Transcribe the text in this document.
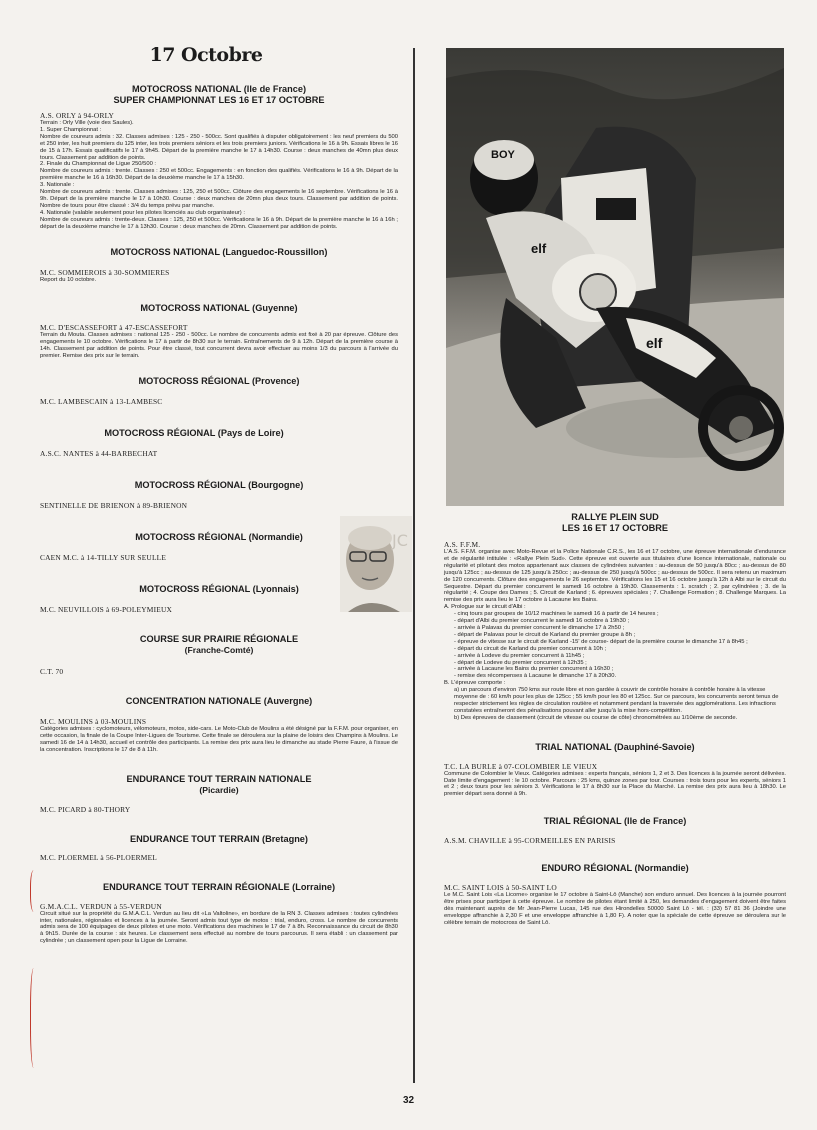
17 Octobre
MOTOCROSS NATIONAL (Ile de France)
SUPER CHAMPIONNAT LES 16 ET 17 OCTOBRE
A.S. ORLY à 94-ORLY
Terrain : Orly Ville (voie des Saules).
1. Super Championnat :
Nombre de coureurs admis : 32. Classes admises : 125 - 250 - 500cc. Sont qualifiés à disputer obligatoirement : les neuf premiers du 500 et 250 inter, les huit premiers du 125 inter, les trois premiers séniors et les trois premiers juniors. Vérifications le 16 à 9h. Essais libres le 16 de 15 à 17h. Essais qualificatifs le 17 à 9h45. Départ de la première manche le 17 à 14h30. Course : deux manches de 40mn plus deux tours. Classement par addition de points.
2. Finale du Championnat de Ligue 250/500 :
Nombre de coureurs admis : trente. Classes : 250 et 500cc. Engagements : en fonction des qualifiés. Vérifications le 16 à 9h. Départ de la première manche le 16 à 16h30. Départ de la deuxième manche le 17 à 15h30.
3. Nationale :
Nombre de coureurs admis : trente. Classes admises : 125, 250 et 500cc. Clôture des engagements le 16 septembre. Vérifications le 16 à 9h. Départ de la première manche le 17 à 10h30. Course : deux manches de 20mn plus deux tours. Classement par addition de points. Nombre de tours pour être classé : 3/4 du temps prévu par manche.
4. Nationale (valable seulement pour les pilotes licenciés au club organisateur) :
Nombre de coureurs admis : trente-deux. Classes : 125, 250 et 500cc. Vérifications le 16 à 9h. Départ de la première manche le 16 à 16h ; départ de la deuxième manche le 17 à 13h30. Course : deux manches de 20mn. Classement par addition de points.
MOTOCROSS NATIONAL (Languedoc-Roussillon)
M.C. SOMMIEROIS à 30-SOMMIERES
Report du 10 octobre.
MOTOCROSS NATIONAL (Guyenne)
M.C. D'ESCASSEFORT à 47-ESCASSEFORT
Terrain du Mouta. Classes admises : national 125 - 250 - 500cc. Le nombre de concurrents admis est fixé à 20 par épreuve. Clôture des engagements le 10 octobre. Vérifications le 17 à partir de 8h30 sur le terrain. Entraînements de 9 à 12h. Départ de la première course à 14h. Classement par addition de points. Pour être classé, tout concurrent devra avoir effectuer au moins 1/3 du parcours à l'arrivée du premier. Remise des prix sur le terrain.
MOTOCROSS RÉGIONAL (Provence)
M.C. LAMBESCAIN à 13-LAMBESC
MOTOCROSS RÉGIONAL (Pays de Loire)
A.S.C. NANTES à 44-BARBECHAT
MOTOCROSS RÉGIONAL (Bourgogne)
SENTINELLE DE BRIENON à 89-BRIENON
MOTOCROSS RÉGIONAL (Normandie)
CAEN M.C. à 14-TILLY SUR SEULLE
MOTOCROSS RÉGIONAL (Lyonnais)
M.C. NEUVILLOIS à 69-POLEYMIEUX
COURSE SUR PRAIRIE RÉGIONALE
(Franche-Comté)
C.T. 70
CONCENTRATION NATIONALE (Auvergne)
M.C. MOULINS à 03-MOULINS
Catégories admises : cyclomoteurs, vélomoteurs, motos, side-cars. Le Moto-Club de Moulins a été désigné par la F.F.M. pour organiser, en cette occasion, la finale de la Coupe Inter-Ligues de Tourisme. Cette finale se déroulera sur la plaine de loisirs des Champins à Moulins. Le samedi 16 de 14 à 14h30, accueil et contrôle des participants. La remise des prix aura lieu le dimanche au stade Pierre Faure, à l'issue de la concentration. Inscriptions le 17 de 8 à 11h.
ENDURANCE TOUT TERRAIN NATIONALE
(Picardie)
M.C. PICARD à 80-THORY
ENDURANCE TOUT TERRAIN (Bretagne)
M.C. PLOERMEL à 56-PLOERMEL
ENDURANCE TOUT TERRAIN RÉGIONALE (Lorraine)
G.M.A.C.L. VERDUN à 55-VERDUN
Circuit situé sur la propriété du G.M.A.C.L. Verdun au lieu dit «La Valtoline», en bordure de la RN 3. Classes admises : toutes cylindrées inter, nationales, régionales et licences à la journée. Seront admis tout type de motos : trial, enduro, cross. Le nombre de concurrents admis sera de 100 équipages de deux pilotes et une moto. Vérifications des machines le 17 de 7 à 8h. Reconnaissance du circuit de 8h30 à 9h15. Durée de la course : six heures. Le classement sera effectué au nombre de tours parcourus. Il sera établi : un classement par cylindrée ; un classement open pour la Ligue de Lorraine.
BOY
elf
elf
JC
RALLYE PLEIN SUD
LES 16 ET 17 OCTOBRE
A.S. F.F.M.
L'A.S. F.F.M. organise avec Moto-Revue et la Police Nationale C.R.S., les 16 et 17 octobre, une épreuve internationale d'endurance et de régularité intitulée : «Rallye Plein Sud». Cette épreuve est ouverte aux titulaires d'une licence internationale, nationale ou régularité et pilotant des motos appartenant aux classes de cylindrées suivantes : au-dessus de 50 jusqu'à 80cc ; au-dessus de 80 jusqu'à 125cc ; au-dessus de 125 jusqu'à 250cc ; au-dessus de 250 jusqu'à 500cc ; au-dessus de 500cc. Il sera retenu un maximum de 120 concurrents. Clôture des engagements le 26 septembre. Vérifications les 15 et 16 octobre jusqu'à 12h à Albi sur le circuit du Sequestre. Départ du premier concurrent le samedi 16 octobre à 19h30. Classements : 1. scratch ; 2. par cylindrées ; 3. de la régularité ; 4. Coupe des Dames ; 5. Circuit de Karland ; 6. épreuves spéciales ; 7. Challenge Formation ; 8. Challenge Marques. La remise des prix aura lieu le 17 octobre à Lacaune les Bains.
A. Prologue sur le circuit d'Albi :
- cinq tours par groupes de 10/12 machines le samedi 16 à partir de 14 heures ;
- départ d'Albi du premier concurrent le samedi 16 octobre à 19h30 ;
- arrivée à Palavas du premier concurrent le dimanche 17 à 2h50 ;
- départ de Palavas pour le circuit de Karland du premier groupe à 8h ;
- épreuve de vitesse sur le circuit de Karland -15' de course- départ de la première course le dimanche 17 à 8h45 ;
- départ du circuit de Karland du premier concurrent à 10h ;
- arrivée à Lodeve du premier concurrent à 11h45 ;
- départ de Lodeve du premier concurrent à 12h35 ;
- arrivée à Lacaune les Bains du premier concurrent à 16h30 ;
- remise des récompenses à Lacaune le dimanche 17 à 20h30.
B. L'épreuve comporte :
a) un parcours d'environ 750 kms sur route libre et non gardée à couvrir de contrôle horaire à contrôle horaire à la vitesse moyenne de : 60 km/h pour les plus de 125cc ; 55 km/h pour les 80 et 125cc. Sur ce parcours, les concurrents seront tenus de respecter strictement les règles de circulation routière et notamment pendant la traversée des agglomérations. Les infractions constatées entraîneront des pénalisations pouvant aller jusqu'à la mise hors-compétition.
b) Des épreuves de classement (circuit de vitesse ou course de côte) chronométrées au 1/10ème de seconde.
TRIAL NATIONAL (Dauphiné-Savoie)
T.C. LA BURLE à 07-COLOMBIER LE VIEUX
Commune de Colombier le Vieux. Catégories admises : experts français, séniors 1, 2 et 3. Des licences à la journée seront délivrées. Date limite d'engagement : le 10 octobre. Parcours : 25 kms, quinze zones par tour. Courses : trois tours pour les experts, séniors 1 et 2 ; deux tours pour les séniors 3. Vérifications le 17 à 8h30 sur la Place du Marché. La remise des prix aura lieu à 18h30. Le premier départ sera donné à 9h.
TRIAL RÉGIONAL (Ile de France)
A.S.M. CHAVILLE à 95-CORMEILLES EN PARISIS
ENDURO RÉGIONAL (Normandie)
M.C. SAINT LOIS à 50-SAINT LO
Le M.C. Saint Lois «La Licorne» organise le 17 octobre à Saint-Lô (Manche) son enduro annuel. Des licences à la journée pourront être prises pour participer à cette épreuve. Le nombre de pilotes étant limité à 250, les demandes d'engagement doivent être faites dès maintenant auprès de Mr Jean-Pierre Lucas, 145 rue des Hirondelles 50000 Saint Lô - tél. : (33) 57 81 36 (Joindre une enveloppe affranchie à 2,30 F et une enveloppe affranchie à 1,80 F). A noter que la spéciale de cette épreuve se déroulera sur le célèbre terrain de motocross de Saint Lô.
32
